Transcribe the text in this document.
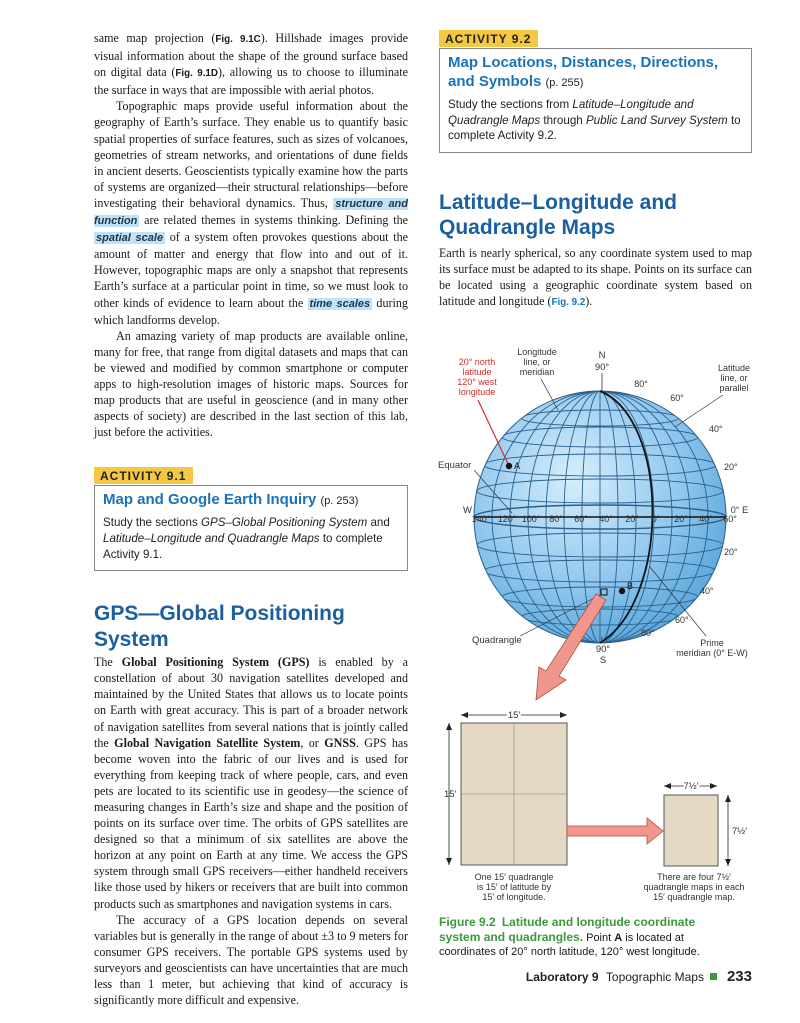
same map projection (Fig. 9.1C). Hillshade images provide visual information about the shape of the ground surface based on digital data (Fig. 9.1D), allowing us to choose to illuminate the surface in ways that are impossible with aerial photos.

Topographic maps provide useful information about the geography of Earth’s surface. They enable us to quantify basic spatial properties of surface features, such as sizes of volcanoes, geometries of stream networks, and orientations of dune fields in ancient deserts. Geoscientists typically examine how the parts of systems are organized—their structural relationships—before investigating their behavioral dynamics. Thus, structure and function are related themes in systems thinking. Defining the spatial scale of a system often provokes questions about the amount of matter and energy that flow into and out of it. However, topographic maps are only a snapshot that represents Earth’s surface at a particular point in time, so we must look to other kinds of evidence to learn about the time scales during which landforms develop.

An amazing variety of map products are available online, many for free, that range from digital datasets and maps that can be viewed and modified by common smartphone or computer apps to high-resolution images of historic maps. Sources for map products that are useful in geoscience (and in many other aspects of society) are described in the last section of this lab, just before the activities.

ACTIVITY 9.1

Map and Google Earth Inquiry (p. 253)

Study the sections GPS–Global Positioning System and Latitude–Longitude and Quadrangle Maps to complete Activity 9.1.

GPS—Global Positioning System

The Global Positioning System (GPS) is enabled by a constellation of about 30 navigation satellites developed and maintained by the United States that allows us to locate points on Earth with great accuracy. This is part of a broader network of navigation satellites from several nations that is jointly called the Global Navigation Satellite System, or GNSS. GPS has become woven into the fabric of our lives and is used for everything from keeping track of where people, cars, and even pets are located to its scientific use in geodesy—the science of measuring changes in Earth’s size and shape and the position of points on its surface over time. The orbits of GPS satellites are designed so that a minimum of six satellites are above the horizon at any point on Earth at any time. We access the GPS system through small GPS receivers—either handheld receivers like those used by hikers or receivers that are built into common products such as smartphones and navigation systems in cars.

The accuracy of a GPS location depends on several variables but is generally in the range of about ±3 to 9 meters for consumer GPS receivers. The portable GPS systems used by surveyors and geoscientists can have uncertainties that are much less than 1 meter, but achieving that kind of accuracy is significantly more difficult and expensive.

ACTIVITY 9.2

Map Locations, Distances, Directions, and Symbols (p. 255)

Study the sections from Latitude–Longitude and Quadrangle Maps through Public Land Survey System to complete Activity 9.2.

Latitude–Longitude and Quadrangle Maps

Earth is nearly spherical, so any coordinate system used to map its surface must be adapted to its shape. Points on its surface can be located using a geographic coordinate system based on latitude and longitude (Fig. 9.2).

A
20° north
latitude
120° west
longitude
Longitude
line, or
meridian
N
90°	Latitude
line, or
parallel
80°
60°
40°
20°
20°
40°
Equator
W	E
140° 120° 100° 80° 60° 40° 20° 0° 20° 40° 60°
0°
60°
80°
B
Quadrangle	Prime
meridian (0° E-W)
90°
S
15′
15′
One 15′ quadrangle
is 15′ of latitude by
15′ of longitude.
7½′
7½′
There are four 7½′
quadrangle maps in each
15′ quadrangle map.
Figure 9.2 Latitude and longitude coordinate system and quadrangles. Point A is located at coordinates of 20° north latitude, 120° west longitude.
Laboratory 9 Topographic Maps 233
